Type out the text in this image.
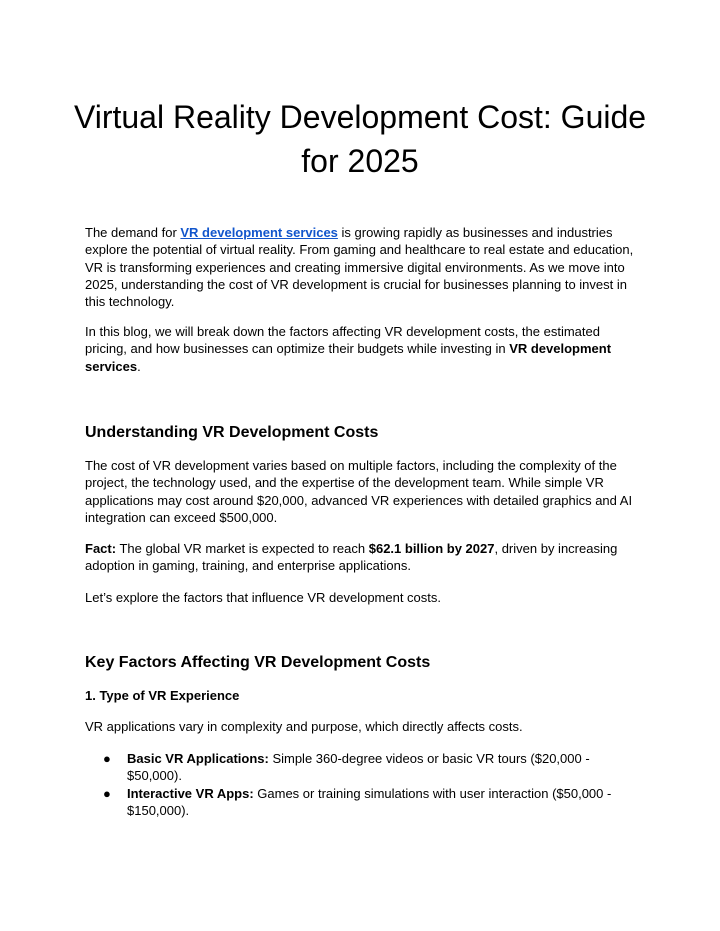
Virtual Reality Development Cost: Guide
for 2025

The demand for VR development services is growing rapidly as businesses and industries explore the potential of virtual reality. From gaming and healthcare to real estate and education, VR is transforming experiences and creating immersive digital environments. As we move into 2025, understanding the cost of VR development is crucial for businesses planning to invest in this technology.

In this blog, we will break down the factors affecting VR development costs, the estimated pricing, and how businesses can optimize their budgets while investing in VR development services.

Understanding VR Development Costs

The cost of VR development varies based on multiple factors, including the complexity of the project, the technology used, and the expertise of the development team. While simple VR applications may cost around $20,000, advanced VR experiences with detailed graphics and AI integration can exceed $500,000.

Fact: The global VR market is expected to reach $62.1 billion by 2027, driven by increasing adoption in gaming, training, and enterprise applications.

Let’s explore the factors that influence VR development costs.

Key Factors Affecting VR Development Costs
1. Type of VR Experience

VR applications vary in complexity and purpose, which directly affects costs.

● Basic VR Applications: Simple 360-degree videos or basic VR tours ($20,000 - $50,000).
● Interactive VR Apps: Games or training simulations with user interaction ($50,000 - $150,000).
